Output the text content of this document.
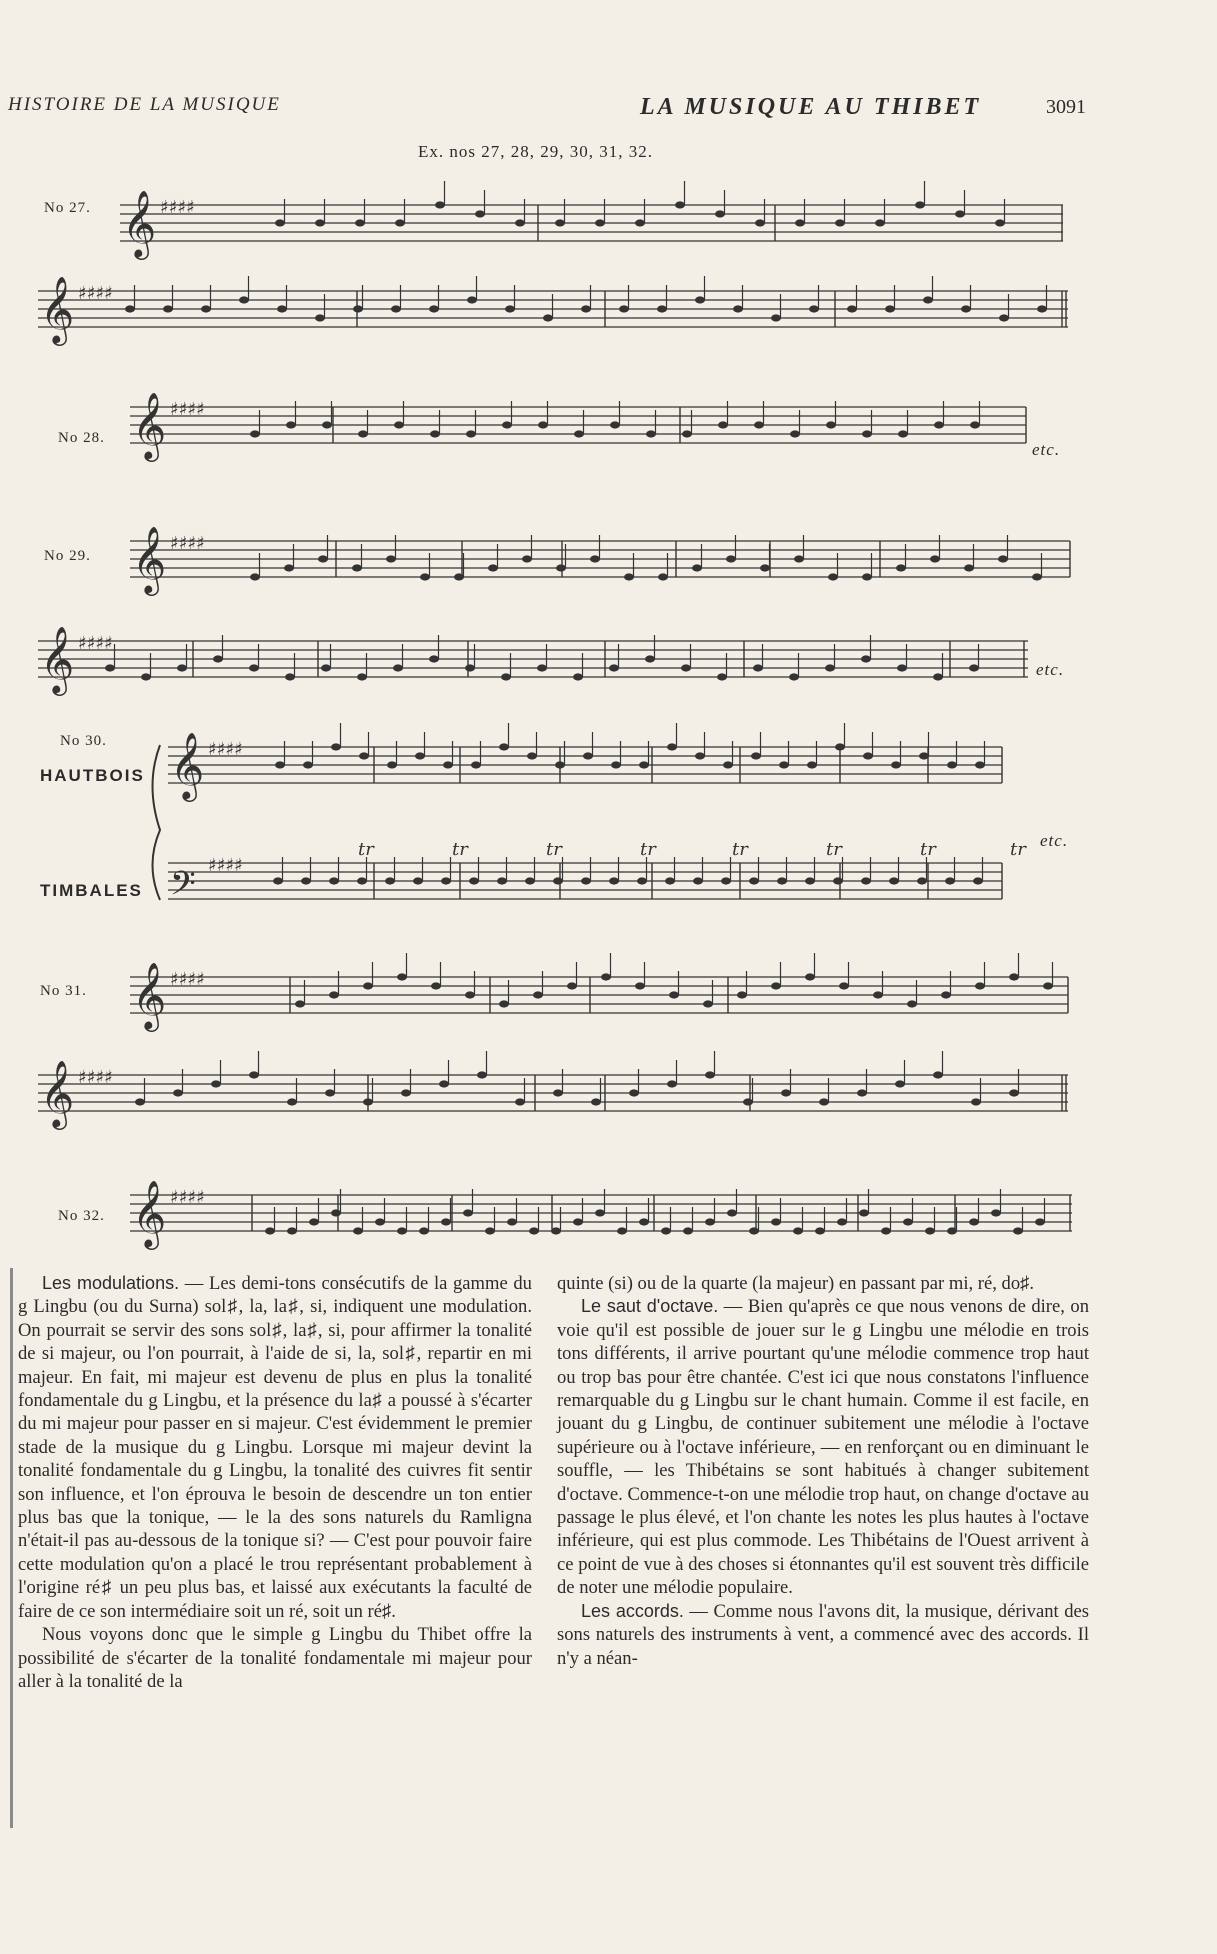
HISTOIRE DE LA MUSIQUE	LA MUSIQUE AU THIBET	3091
Ex. nos 27, 28, 29, 30, 31, 32.
𝄞 ♯♯♯♯
𝄞 ♯♯♯♯
𝄞 ♯♯♯♯
𝄞 ♯♯♯♯
𝄞 ♯♯♯♯
𝄞 ♯♯♯♯
𝄢 ♯♯♯♯
tr	tr	tr	tr	tr	tr	tr	tr
𝄞 ♯♯♯♯
𝄞 ♯♯♯♯
𝄞 ♯♯♯♯
No 27.
No 28.
etc.
No 29.
etc.
No 30.
HAUTBOIS
TIMBALES
etc.
No 31.
No 32.

Les modulations. — Les demi-tons consécutifs de la gamme du g Lingbu (ou du Surna) sol♯, la, la♯, si, indiquent une modulation. On pourrait se servir des sons sol♯, la♯, si, pour affirmer la tonalité de si majeur, ou l'on pourrait, à l'aide de si, la, sol♯, repartir en mi majeur. En fait, mi majeur est devenu de plus en plus la tonalité fondamentale du g Lingbu, et la présence du la♯ a poussé à s'écarter du mi majeur pour passer en si majeur. C'est évidemment le premier stade de la musique du g Lingbu. Lorsque mi majeur devint la tonalité fondamentale du g Lingbu, la tonalité des cuivres fit sentir son influence, et l'on éprouva le besoin de descendre un ton entier plus bas que la tonique, — le la des sons naturels du Ramligna n'était-il pas au-dessous de la tonique si? — C'est pour pouvoir faire cette modulation qu'on a placé le trou représentant probablement à l'origine ré♯ un peu plus bas, et laissé aux exécutants la faculté de faire de ce son intermédiaire soit un ré, soit un ré♯.

Nous voyons donc que le simple g Lingbu du Thibet offre la possibilité de s'écarter de la tonalité fondamentale mi majeur pour aller à la tonalité de la

quinte (si) ou de la quarte (la majeur) en passant par mi, ré, do♯.

Le saut d'octave. — Bien qu'après ce que nous venons de dire, on voie qu'il est possible de jouer sur le g Lingbu une mélodie en trois tons différents, il arrive pourtant qu'une mélodie commence trop haut ou trop bas pour être chantée. C'est ici que nous constatons l'influence remarquable du g Lingbu sur le chant humain. Comme il est facile, en jouant du g Lingbu, de continuer subitement une mélodie à l'octave supérieure ou à l'octave inférieure, — en renforçant ou en diminuant le souffle, — les Thibétains se sont habitués à changer subitement d'octave. Commence-t-on une mélodie trop haut, on change d'octave au passage le plus élevé, et l'on chante les notes les plus hautes à l'octave inférieure, qui est plus commode. Les Thibétains de l'Ouest arrivent à ce point de vue à des choses si étonnantes qu'il est souvent très difficile de noter une mélodie populaire.

Les accords. — Comme nous l'avons dit, la musique, dérivant des sons naturels des instruments à vent, a commencé avec des accords. Il n'y a néan-
